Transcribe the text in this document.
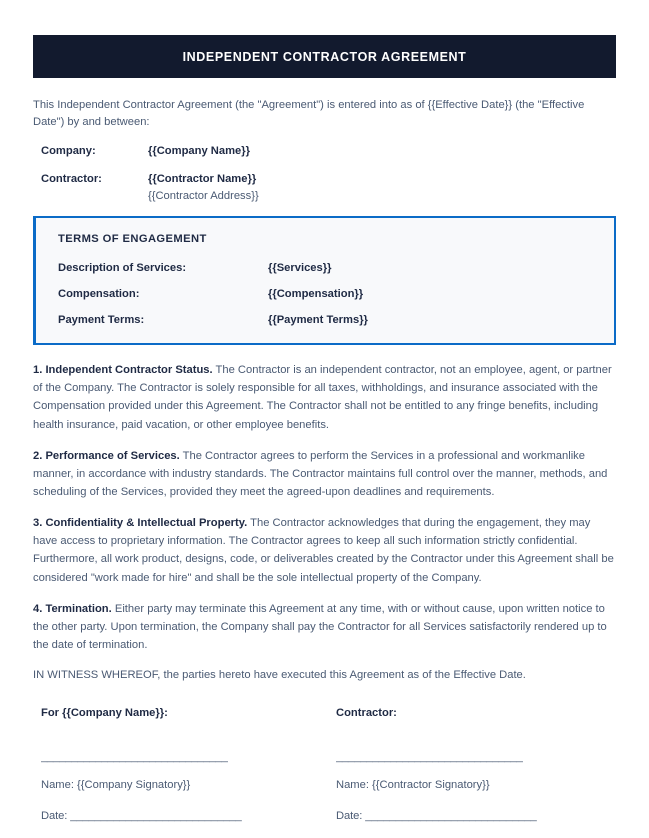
INDEPENDENT CONTRACTOR AGREEMENT
This Independent Contractor Agreement (the "Agreement") is entered into as of {{Effective Date}} (the "Effective Date") by and between:
Company:	{{Company Name}}
Contractor:	{{Contractor Name}}
{{Contractor Address}}
TERMS OF ENGAGEMENT
Description of Services:	{{Services}}
Compensation:	{{Compensation}}
Payment Terms:	{{Payment Terms}}

1. Independent Contractor Status. The Contractor is an independent contractor, not an employee, agent, or partner of the Company. The Contractor is solely responsible for all taxes, withholdings, and insurance associated with the Compensation provided under this Agreement. The Contractor shall not be entitled to any fringe benefits, including health insurance, paid vacation, or other employee benefits.

2. Performance of Services. The Contractor agrees to perform the Services in a professional and workmanlike manner, in accordance with industry standards. The Contractor maintains full control over the manner, methods, and scheduling of the Services, provided they meet the agreed-upon deadlines and requirements.

3. Confidentiality & Intellectual Property. The Contractor acknowledges that during the engagement, they may have access to proprietary information. The Contractor agrees to keep all such information strictly confidential. Furthermore, all work product, designs, code, or deliverables created by the Contractor under this Agreement shall be considered "work made for hire" and shall be the sole intellectual property of the Company.

4. Termination. Either party may terminate this Agreement at any time, with or without cause, upon written notice to the other party. Upon termination, the Company shall pay the Contractor for all Services satisfactorily rendered up to the date of termination.

IN WITNESS WHEREOF, the parties hereto have executed this Agreement as of the Effective Date.
For {{Company Name}}:
_______________________________
Name: {{Company Signatory}}
Date: ____________________________
Contractor:
_______________________________
Name: {{Contractor Signatory}}
Date: ____________________________
